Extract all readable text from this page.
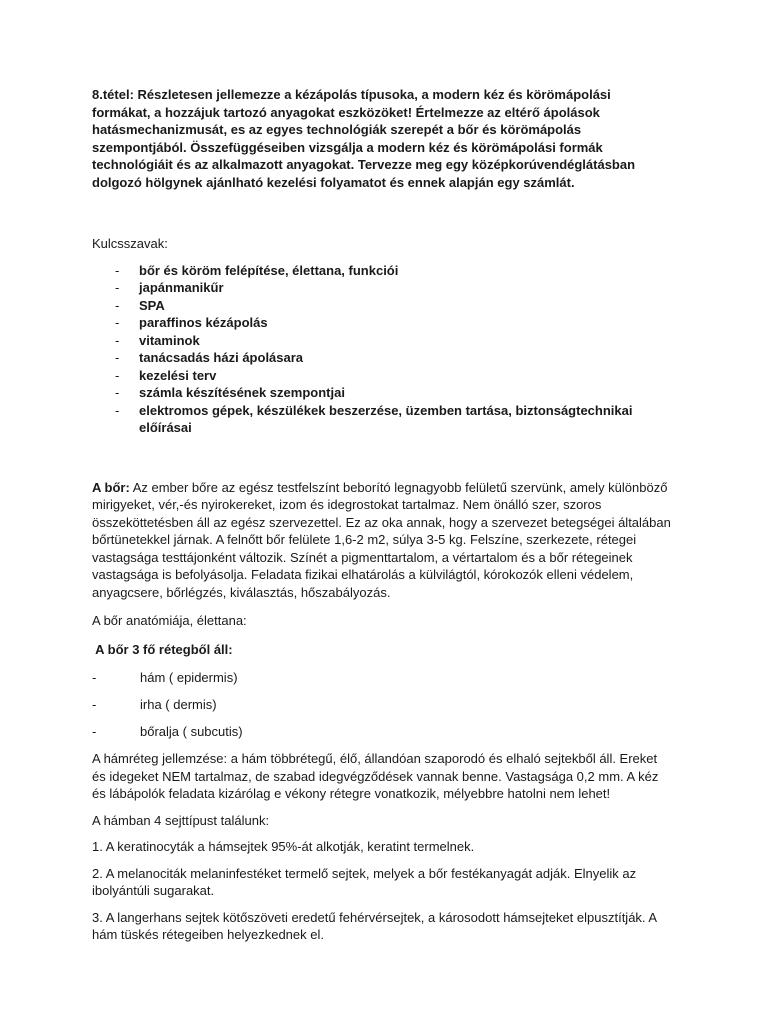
8.tétel: Részletesen jellemezze a kézápolás típusoka, a modern kéz és körömápolási formákat, a hozzájuk tartozó anyagokat eszközöket! Értelmezze az eltérő ápolások hatásmechanizmusát, es az egyes technológiák szerepét a bőr és körömápolás szempontjából. Összefüggéseiben vizsgálja a modern kéz és körömápolási formák technológiáit és az alkalmazott anyagokat. Tervezze meg egy középkorúvendéglátásban dolgozó hölgynek ajánlható kezelési folyamatot és ennek alapján egy számlát.

Kulcsszavak:

- bőr és köröm felépítése, élettana, funkciói
- japánmanikűr
- SPA
- paraffinos kézápolás
- vitaminok
- tanácsadás házi ápolásara
- kezelési terv
- számla készítésének szempontjai
- elektromos gépek, készülékek beszerzése, üzemben tartása, biztonságtechnikai előírásai

A bőr: Az ember bőre az egész testfelszínt beborító legnagyobb felületű szervünk, amely különböző mirigyeket, vér,-és nyirokereket, izom és idegrostokat tartalmaz. Nem önálló szer, szoros összeköttetésben áll az egész szervezettel. Ez az oka annak, hogy a szervezet betegségei általában bőrtünetekkel járnak. A felnőtt bőr felülete 1,6-2 m2, súlya 3-5 kg. Felszíne, szerkezete, rétegei vastagsága testtájonként változik. Színét a pigmenttartalom, a vértartalom és a bőr rétegeinek vastagsága is befolyásolja. Feladata fizikai elhatárolás a külvilágtól, kórokozók elleni védelem, anyagcsere, bőrlégzés, kiválasztás, hőszabályozás.

A bőr anatómiája, élettana:

A bőr 3 fő rétegből áll:

-	hám ( epidermis)
-	irha ( dermis)
-	bőralja ( subcutis)

A hámréteg jellemzése: a hám többrétegű, élő, állandóan szaporodó és elhaló sejtekből áll. Ereket és idegeket NEM tartalmaz, de szabad idegvégződések vannak benne. Vastagsága 0,2 mm. A kéz és lábápolók feladata kizárólag e vékony rétegre vonatkozik, mélyebbre hatolni nem lehet!

A hámban 4 sejttípust találunk:

1. A keratinocyták a hámsejtek 95%-át alkotják, keratint termelnek.

2. A melanociták melaninfestéket termelő sejtek, melyek a bőr festékanyagát adják. Elnyelik az ibolyántúli sugarakat.

3. A langerhans sejtek kötőszöveti eredetű fehérvérsejtek, a károsodott hámsejteket elpusztítják. A hám tüskés rétegeiben helyezkednek el.
